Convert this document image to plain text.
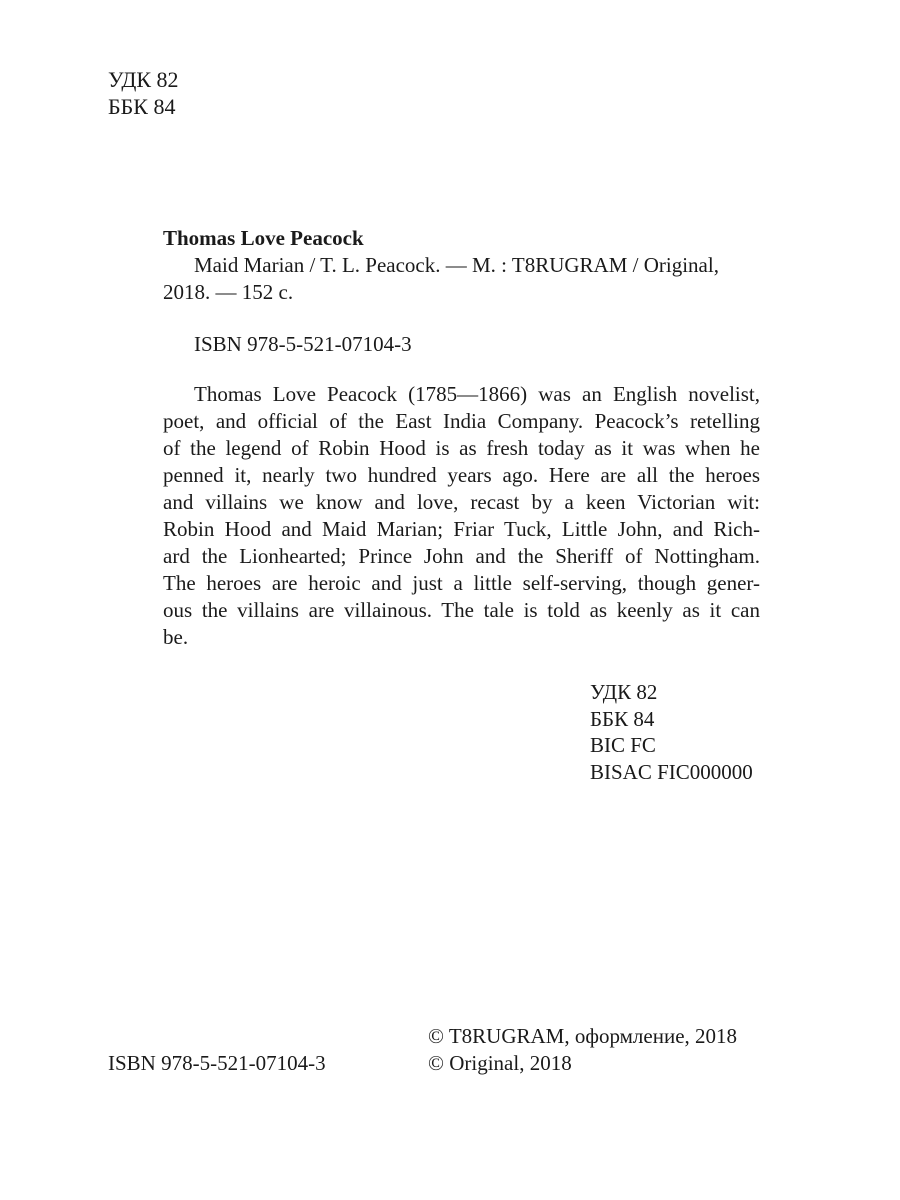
УДК 82
ББК 84
Thomas Love Peacock
Maid Marian / T. L. Peacock. — M. : T8RUGRAM / Original,
2018. — 152 c.
ISBN 978-5-521-07104-3
Thomas Love Peacock (1785—1866) was an English novelist,
poet, and official of the East India Company. Peacock’s retelling
of the legend of Robin Hood is as fresh today as it was when he
penned it, nearly two hundred years ago. Here are all the heroes
and villains we know and love, recast by a keen Victorian wit:
Robin Hood and Maid Marian; Friar Tuck, Little John, and Rich-
ard the Lionhearted; Prince John and the Sheriff of Nottingham.
The heroes are heroic and just a little self-serving, though gener-
ous the villains are villainous. The tale is told as keenly as it can
be.
УДК 82
ББК 84
BIC FC
BISAC FIC000000
ISBN 978-5-521-07104-3
© T8RUGRAM, оформление, 2018
© Original, 2018
